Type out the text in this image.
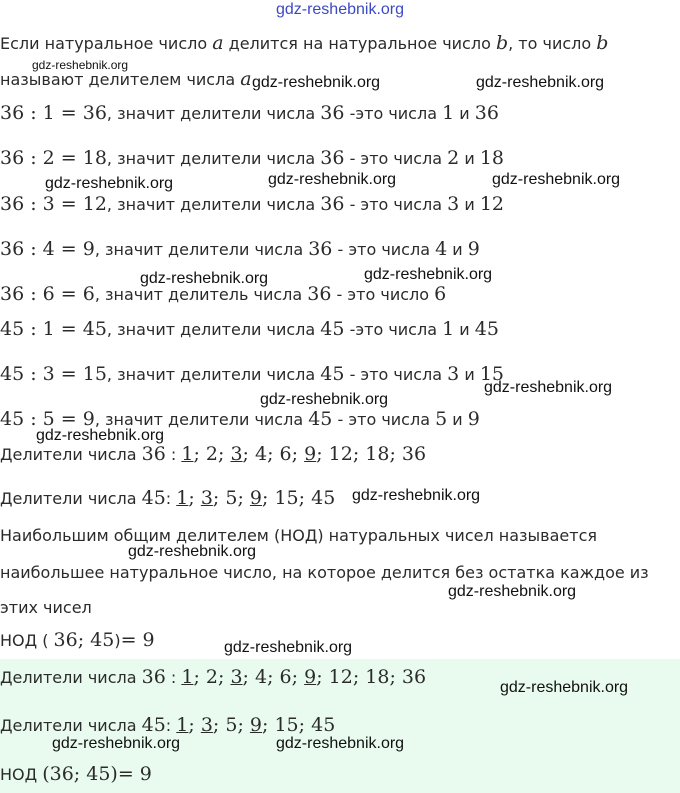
gdz-reshebnik.org
Если натуральное число a делится на натуральное число b, то число b
называют делителем числа a
36 : 1 = 36, значит делители числа 36 -это числа 1 и 36
36 : 2 = 18, значит делители числа 36 - это числа 2 и 18
36 : 3 = 12, значит делители числа 36 - это числа 3 и 12
36 : 4 = 9, значит делители числа 36 - это числа 4 и 9
36 : 6 = 6, значит делитель числа 36 - это число 6
45 : 1 = 45, значит делители числа 45 -это числа 1 и 45
45 : 3 = 15, значит делители числа 45 - это числа 3 и 15
45 : 5 = 9, значит делители числа 45 - это числа 5 и 9
Делители числа 36 : 1; 2; 3; 4; 6; 9; 12; 18; 36
Делители числа 45: 1; 3; 5; 9; 15; 45
Наибольшим общим делителем (НОД) натуральных чисел называется
наибольшее натуральное число, на которое делится без остатка каждое из
этих чисел
НОД ( 36; 45)= 9
Делители числа 36 : 1; 2; 3; 4; 6; 9; 12; 18; 36
Делители числа 45: 1; 3; 5; 9; 15; 45
НОД (36; 45)= 9
gdz-reshebnik.org
gdz-reshebnik.org	gdz-reshebnik.org
gdz-reshebnik.org	gdz-reshebnik.org	gdz-reshebnik.org
gdz-reshebnik.org	gdz-reshebnik.org
gdz-reshebnik.org
gdz-reshebnik.org
gdz-reshebnik.org
gdz-reshebnik.org
gdz-reshebnik.org
gdz-reshebnik.org
gdz-reshebnik.org
gdz-reshebnik.org
gdz-reshebnik.org	gdz-reshebnik.org
